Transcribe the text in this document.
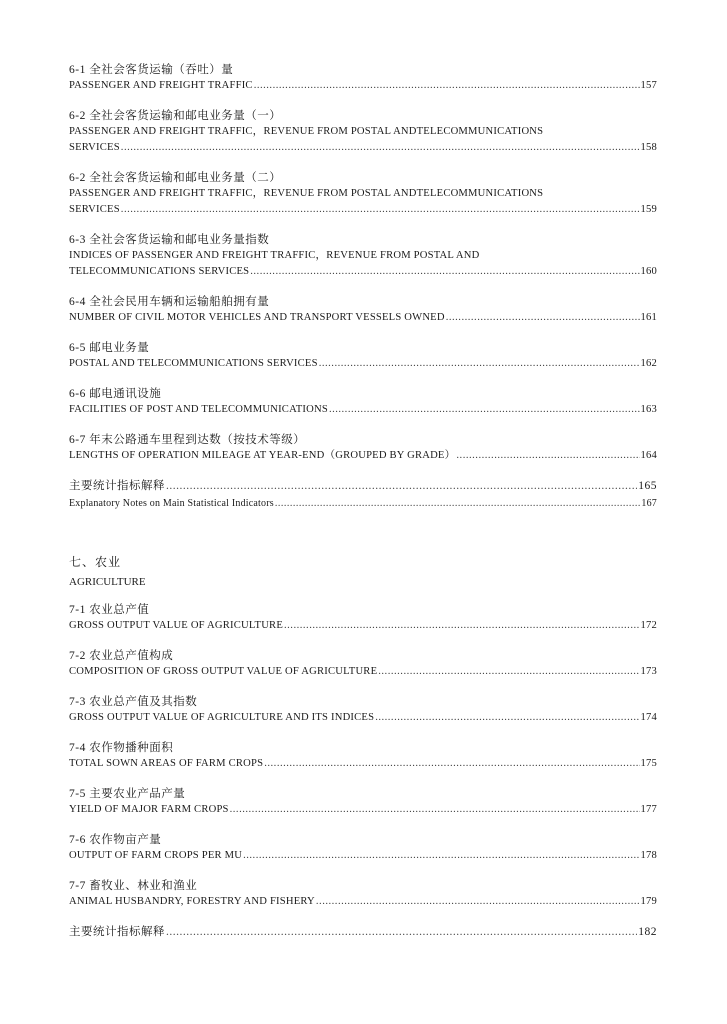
6-1 全社会客货运输（吞吐）量
PASSENGER AND FREIGHT TRAFFIC .....	157
6-2 全社会客货运输和邮电业务量（一）
PASSENGER AND FREIGHT TRAFFIC，REVENUE FROM POSTAL ANDTELECOMMUNICATIONS
SERVICES .....	158
6-2 全社会客货运输和邮电业务量（二）
PASSENGER AND FREIGHT TRAFFIC，REVENUE FROM POSTAL ANDTELECOMMUNICATIONS
SERVICES .....	159
6-3 全社会客货运输和邮电业务量指数
INDICES OF PASSENGER AND FREIGHT TRAFFIC，REVENUE FROM POSTAL AND
TELECOMMUNICATIONS SERVICES .....	160
6-4 全社会民用车辆和运输船舶拥有量
NUMBER OF CIVIL MOTOR VEHICLES AND TRANSPORT VESSELS OWNED .....	161
6-5 邮电业务量
POSTAL AND TELECOMMUNICATIONS SERVICES .....	162
6-6 邮电通讯设施
FACILITIES OF POST AND TELECOMMUNICATIONS .....	163
6-7 年末公路通车里程到达数（按技术等级）
LENGTHS OF OPERATION MILEAGE AT YEAR-END（GROUPED BY GRADE） .....	164
主要统计指标解释 .....	165
Explanatory Notes on Main Statistical Indicators .....	167
七、农业
AGRICULTURE
7-1 农业总产值
GROSS OUTPUT VALUE OF AGRICULTURE .....	172
7-2 农业总产值构成
COMPOSITION OF GROSS OUTPUT VALUE OF AGRICULTURE .....	173
7-3 农业总产值及其指数
GROSS OUTPUT VALUE OF AGRICULTURE AND ITS INDICES .....	174
7-4 农作物播种面积
TOTAL SOWN AREAS OF FARM CROPS .....	175
7-5 主要农业产品产量
YIELD OF MAJOR FARM CROPS .....	177
7-6 农作物亩产量
OUTPUT OF FARM CROPS PER MU .....	178
7-7 畜牧业、林业和渔业
ANIMAL HUSBANDRY, FORESTRY AND FISHERY .....	179
主要统计指标解释 .....	182
